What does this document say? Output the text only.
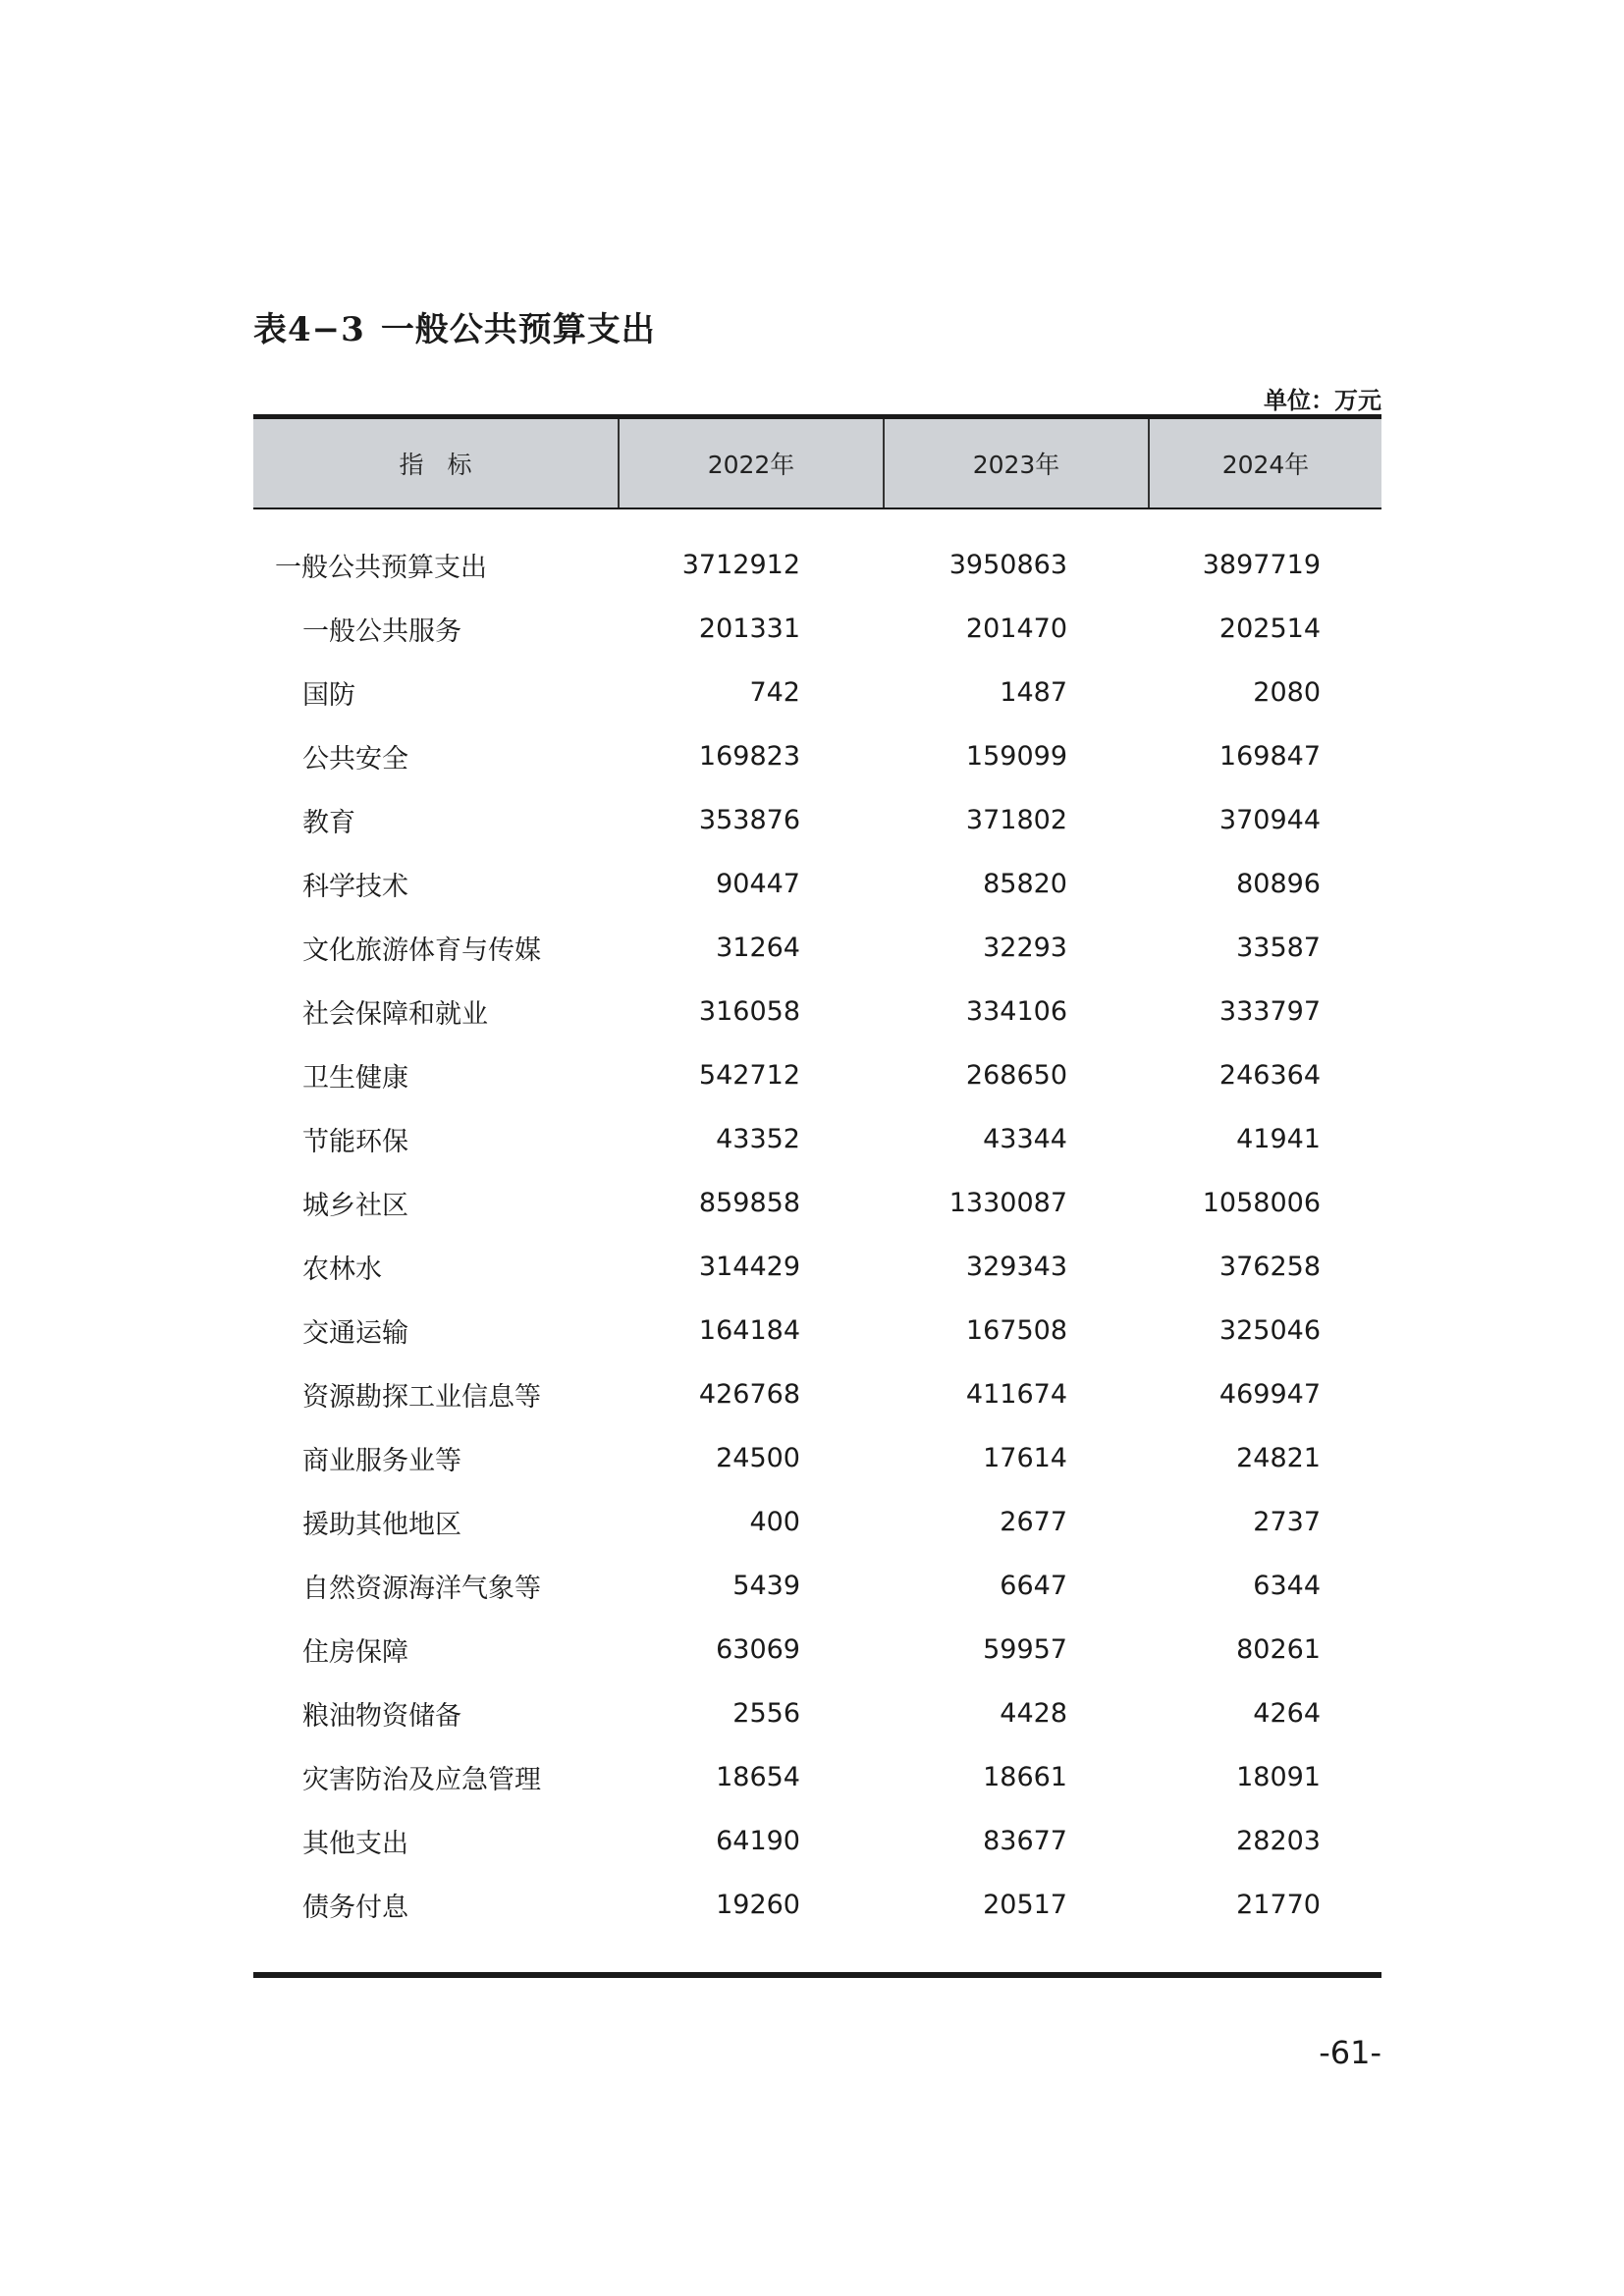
表4−3 一般公共预算支出
单位：万元
指标	2022年	2023年	2024年
一般公共预算支出	3712912	3950863	3897719
一般公共服务	201331	201470	202514
国防	742	1487	2080
公共安全	169823	159099	169847
教育	353876	371802	370944
科学技术	90447	85820	80896
文化旅游体育与传媒	31264	32293	33587
社会保障和就业	316058	334106	333797
卫生健康	542712	268650	246364
节能环保	43352	43344	41941
城乡社区	859858	1330087	1058006
农林水	314429	329343	376258
交通运输	164184	167508	325046
资源勘探工业信息等	426768	411674	469947
商业服务业等	24500	17614	24821
援助其他地区	400	2677	2737
自然资源海洋气象等	5439	6647	6344
住房保障	63069	59957	80261
粮油物资储备	2556	4428	4264
灾害防治及应急管理	18654	18661	18091
其他支出	64190	83677	28203
债务付息	19260	20517	21770
-61-
